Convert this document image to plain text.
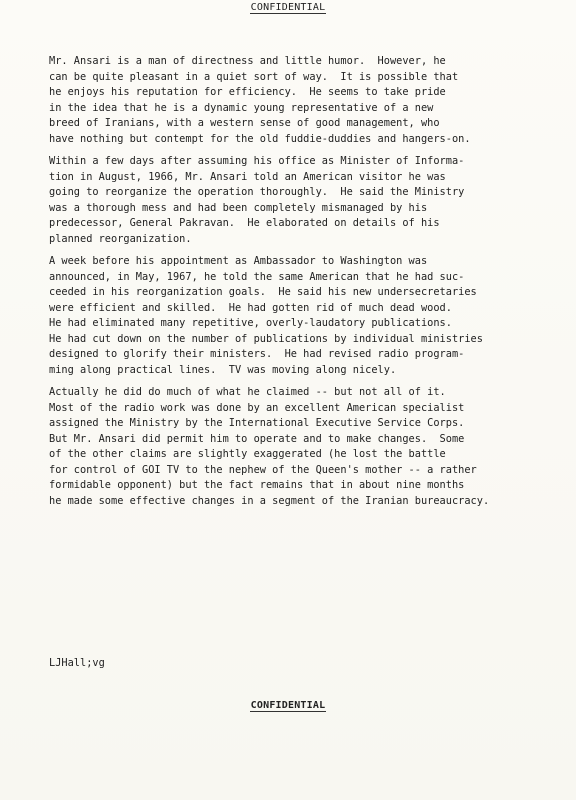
CONFIDENTIAL
Mr. Ansari is a man of directness and little humor.  However, he
can be quite pleasant in a quiet sort of way.  It is possible that
he enjoys his reputation for efficiency.  He seems to take pride
in the idea that he is a dynamic young representative of a new
breed of Iranians, with a western sense of good management, who
have nothing but contempt for the old fuddie-duddies and hangers-on.
Within a few days after assuming his office as Minister of Informa-
tion in August, 1966, Mr. Ansari told an American visitor he was
going to reorganize the operation thoroughly.  He said the Ministry
was a thorough mess and had been completely mismanaged by his
predecessor, General Pakravan.  He elaborated on details of his
planned reorganization.
A week before his appointment as Ambassador to Washington was
announced, in May, 1967, he told the same American that he had suc-
ceeded in his reorganization goals.  He said his new undersecretaries
were efficient and skilled.  He had gotten rid of much dead wood.
He had eliminated many repetitive, overly-laudatory publications.
He had cut down on the number of publications by individual ministries
designed to glorify their ministers.  He had revised radio program-
ming along practical lines.  TV was moving along nicely.
Actually he did do much of what he claimed -- but not all of it.
Most of the radio work was done by an excellent American specialist
assigned the Ministry by the International Executive Service Corps.
But Mr. Ansari did permit him to operate and to make changes.  Some
of the other claims are slightly exaggerated (he lost the battle
for control of GOI TV to the nephew of the Queen's mother -- a rather
formidable opponent) but the fact remains that in about nine months
he made some effective changes in a segment of the Iranian bureaucracy.
LJHall;vg
CONFIDENTIAL
